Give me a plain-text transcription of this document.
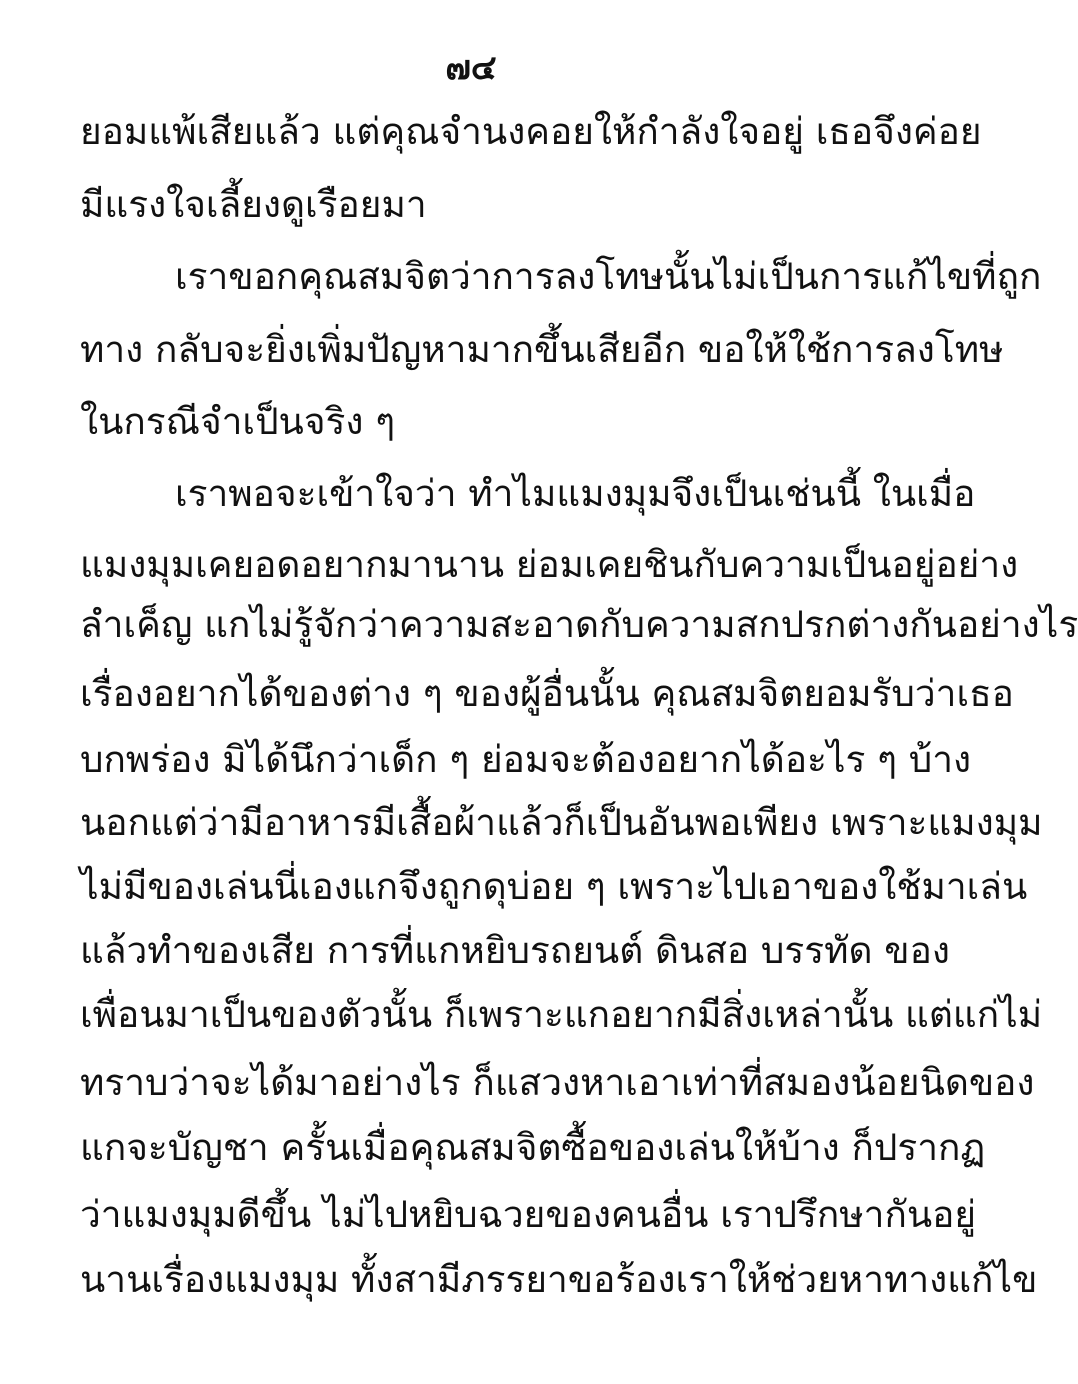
๗๔
ยอมแพ้เสียแล้ว แต่คุณจำนงคอยให้กำลังใจอยู่ เธอจึงค่อย
มีแรงใจเลี้ยงดูเรือยมา
เราขอกคุณสมจิตว่าการลงโทษนั้นไม่เป็นการแก้ไขที่ถูก
ทาง กลับจะยิ่งเพิ่มปัญหามากขึ้นเสียอีก ขอให้ใช้การลงโทษ
ในกรณีจำเป็นจริง ๆ
เราพอจะเข้าใจว่า ทำไมแมงมุมจึงเป็นเช่นนี้ ในเมื่อ
แมงมุมเคยอดอยากมานาน ย่อมเคยชินกับความเป็นอยู่อย่าง
ลำเค็ญ แกไม่รู้จักว่าความสะอาดกับความสกปรกต่างกันอย่างไร
เรื่องอยากได้ของต่าง ๆ ของผู้อื่นนั้น คุณสมจิตยอมรับว่าเธอ
บกพร่อง มิได้นึกว่าเด็ก ๆ ย่อมจะต้องอยากได้อะไร ๆ บ้าง
นอกแต่ว่ามีอาหารมีเสื้อผ้าแล้วก็เป็นอันพอเพียง เพราะแมงมุม
ไม่มีของเล่นนี่เองแกจึงถูกดุบ่อย ๆ เพราะไปเอาของใช้มาเล่น
แล้วทำของเสีย การที่แกหยิบรถยนต์ ดินสอ บรรทัด ของ
เพื่อนมาเป็นของตัวนั้น ก็เพราะแกอยากมีสิ่งเหล่านั้น แต่แก่ไม่
ทราบว่าจะได้มาอย่างไร ก็แสวงหาเอาเท่าที่สมองน้อยนิดของ
แกจะบัญชา ครั้นเมื่อคุณสมจิตซื้อของเล่นให้บ้าง ก็ปรากฏ
ว่าแมงมุมดีขึ้น ไม่ไปหยิบฉวยของคนอื่น เราปรึกษากันอยู่
นานเรื่องแมงมุม ทั้งสามีภรรยาขอร้องเราให้ช่วยหาทางแก้ไข
